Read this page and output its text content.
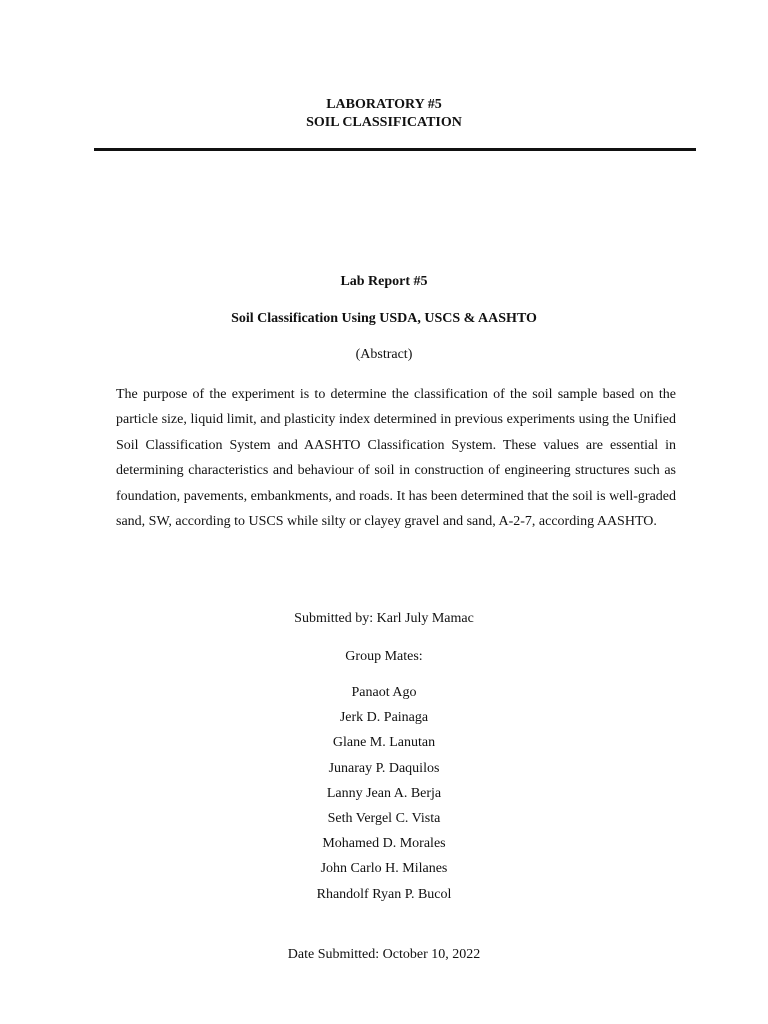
LABORATORY #5
SOIL CLASSIFICATION
Lab Report #5
Soil Classification Using USDA, USCS & AASHTO
(Abstract)
The purpose of the experiment is to determine the classification of the soil sample based on the particle size, liquid limit, and plasticity index determined in previous experiments using the Unified Soil Classification System and AASHTO Classification System. These values are essential in determining characteristics and behaviour of soil in construction of engineering structures such as foundation, pavements, embankments, and roads. It has been determined that the soil is well-graded sand, SW, according to USCS while silty or clayey gravel and sand, A-2-7, according AASHTO.
Submitted by: Karl July Mamac
Group Mates:
Panaot Ago
Jerk D. Painaga
Glane M. Lanutan
Junaray P. Daquilos
Lanny Jean A. Berja
Seth Vergel C. Vista
Mohamed D. Morales
John Carlo H. Milanes
Rhandolf Ryan P. Bucol
Date Submitted: October 10, 2022
